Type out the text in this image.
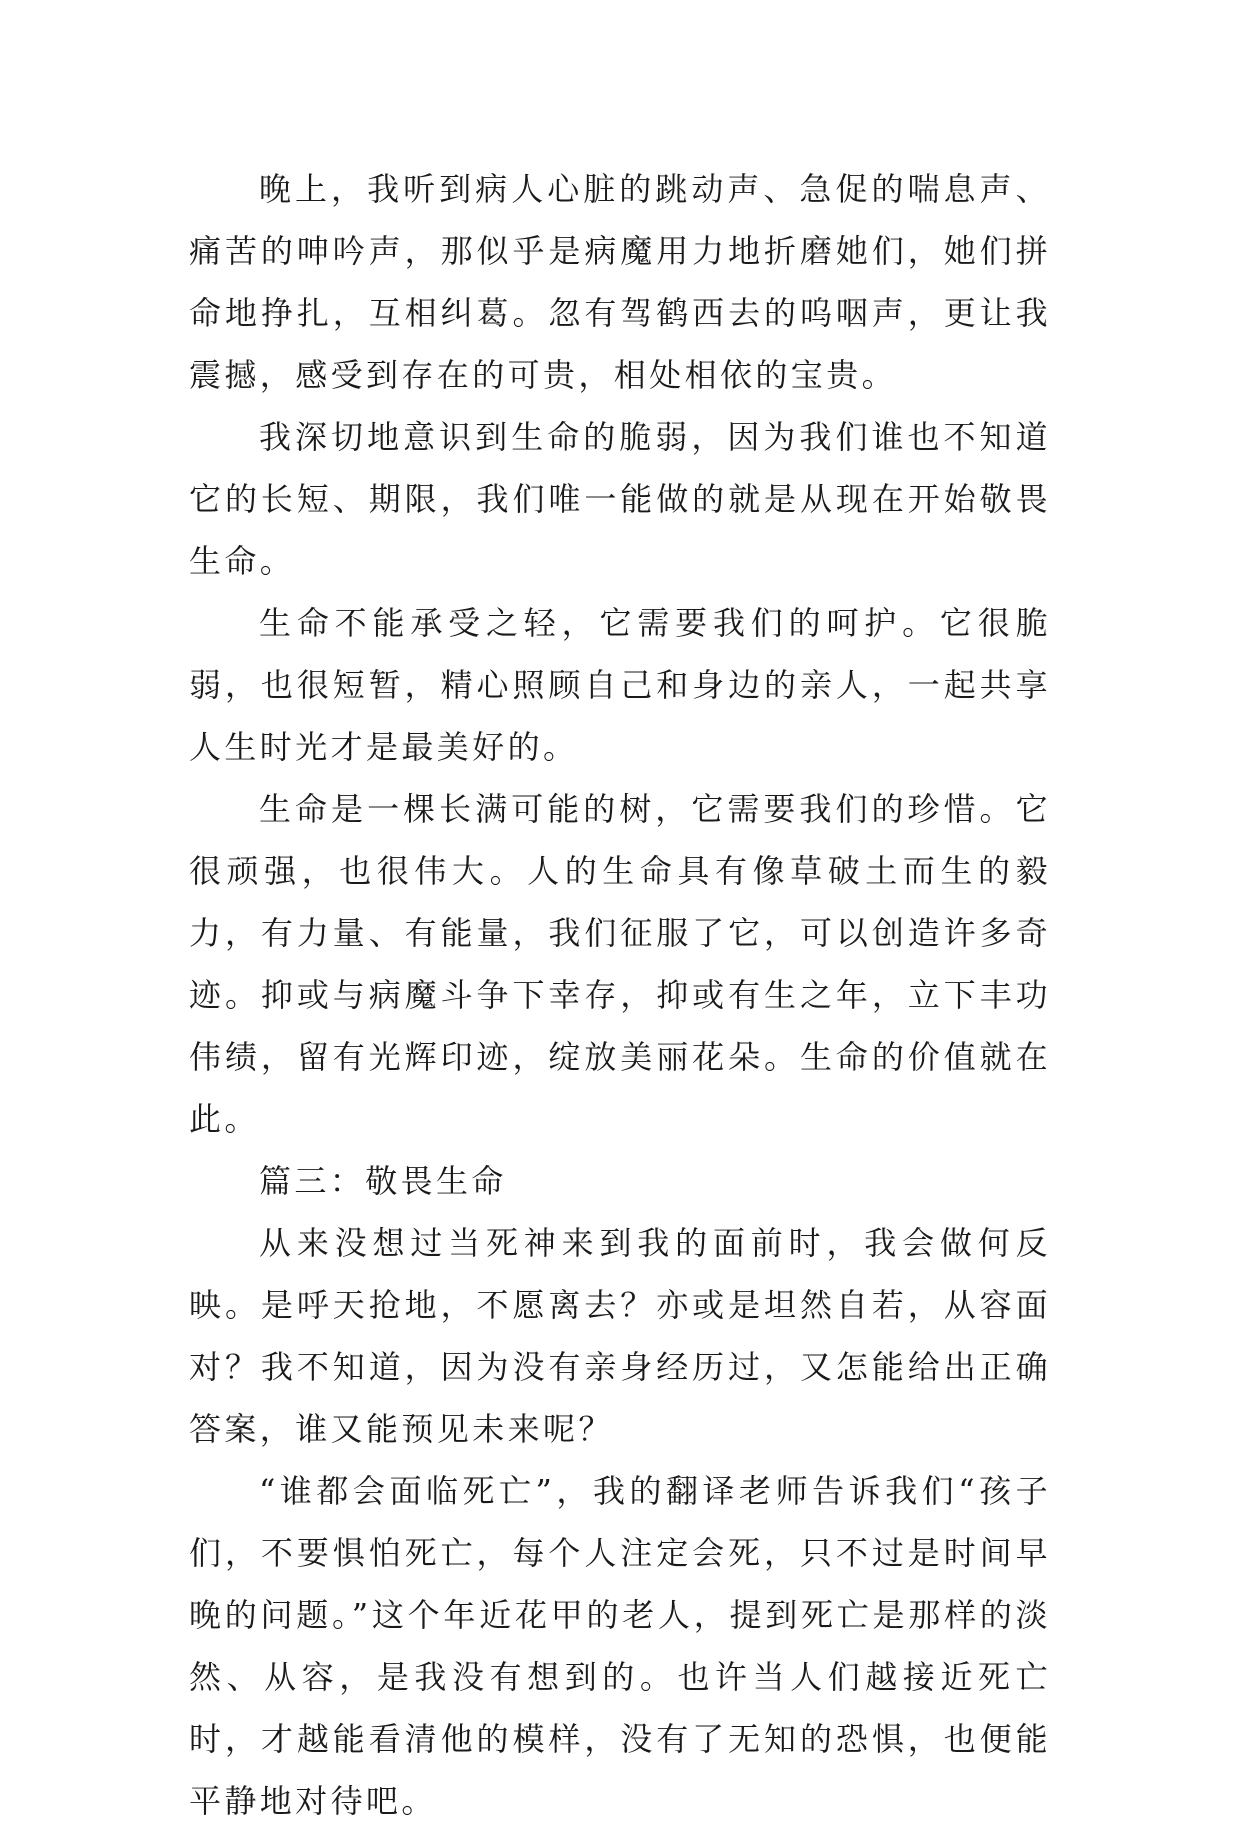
晚上，我听到病人心脏的跳动声、急促的喘息声、痛苦的呻吟声，那似乎是病魔用力地折磨她们，她们拼命地挣扎，互相纠葛。忽有驾鹤西去的呜咽声，更让我震撼，感受到存在的可贵，相处相依的宝贵。

我深切地意识到生命的脆弱，因为我们谁也不知道它的长短、期限，我们唯一能做的就是从现在开始敬畏生命。

生命不能承受之轻，它需要我们的呵护。它很脆弱，也很短暂，精心照顾自己和身边的亲人，一起共享人生时光才是最美好的。

生命是一棵长满可能的树，它需要我们的珍惜。它很顽强，也很伟大。人的生命具有像草破土而生的毅力，有力量、有能量，我们征服了它，可以创造许多奇迹。抑或与病魔斗争下幸存，抑或有生之年，立下丰功伟绩，留有光辉印迹，绽放美丽花朵。生命的价值就在此。

篇三：敬畏生命

从来没想过当死神来到我的面前时，我会做何反映。是呼天抢地，不愿离去？亦或是坦然自若，从容面对？我不知道，因为没有亲身经历过，又怎能给出正确答案，谁又能预见未来呢？

“谁都会面临死亡”，我的翻译老师告诉我们“孩子们，不要惧怕死亡，每个人注定会死，只不过是时间早晚的问题。”这个年近花甲的老人，提到死亡是那样的淡然、从容，是我没有想到的。也许当人们越接近死亡时，才越能看清他的模样，没有了无知的恐惧，也便能平静地对待吧。
